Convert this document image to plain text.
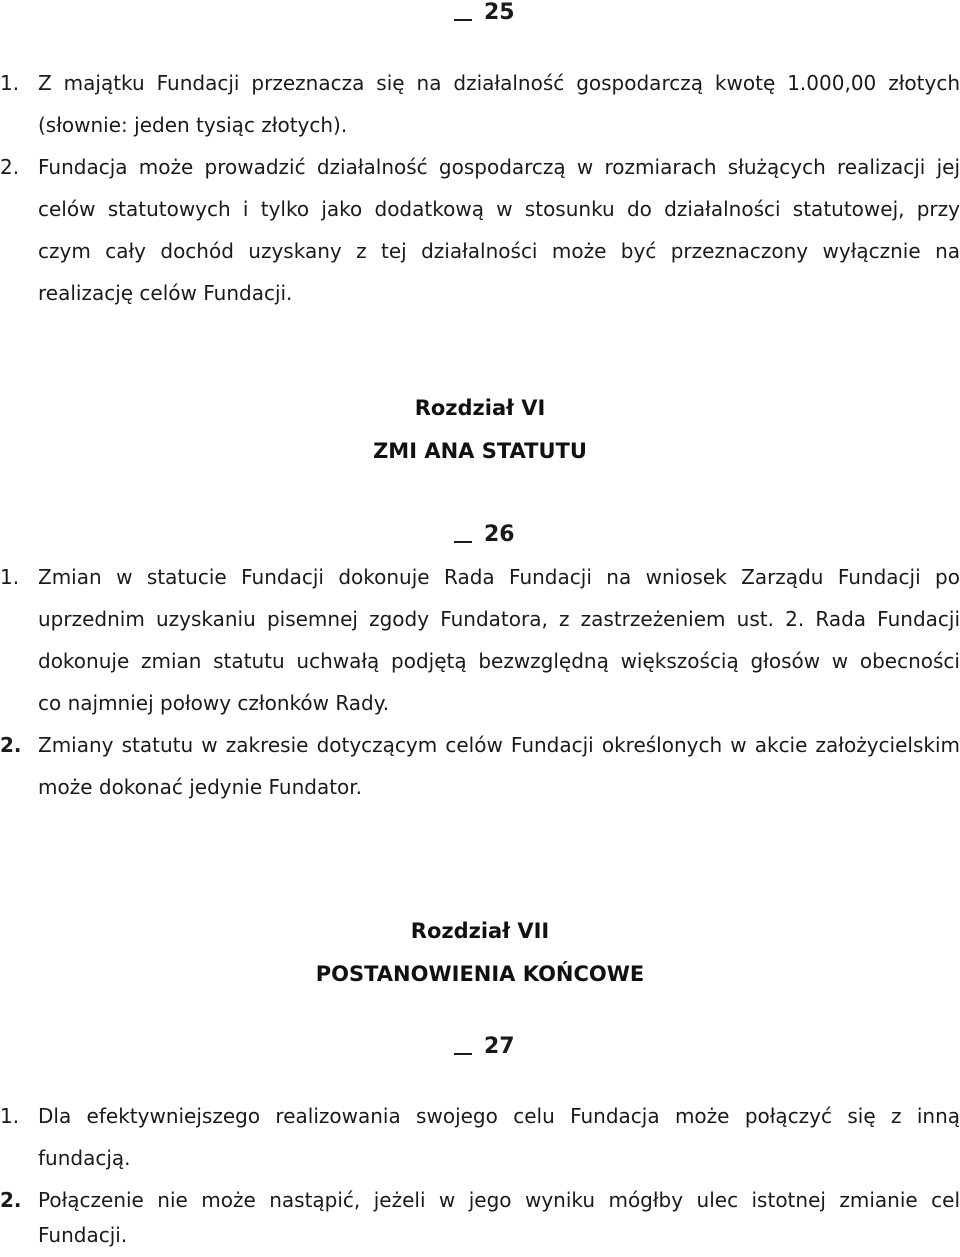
25
1. Z majątku Fundacji przeznacza się na działalność gospodarczą kwotę 1.000,00 złotych
(słownie: jeden tysiąc złotych).
2. Fundacja może prowadzić działalność gospodarczą w rozmiarach służących realizacji jej
celów statutowych i tylko jako dodatkową w stosunku do działalności statutowej, przy
czym cały dochód uzyskany z tej działalności może być przeznaczony wyłącznie na
realizację celów Fundacji.
Rozdział VI
ZMI ANA STATUTU
26
1. Zmian w statucie Fundacji dokonuje Rada Fundacji na wniosek Zarządu Fundacji po
uprzednim uzyskaniu pisemnej zgody Fundatora, z zastrzeżeniem ust. 2. Rada Fundacji
dokonuje zmian statutu uchwałą podjętą bezwzględną większością głosów w obecności
co najmniej połowy członków Rady.
2. Zmiany statutu w zakresie dotyczącym celów Fundacji określonych w akcie założycielskim
może dokonać jedynie Fundator.
Rozdział VII
POSTANOWIENIA KOŃCOWE
27
1. Dla efektywniejszego realizowania swojego celu Fundacja może połączyć się z inną
fundacją.
2. Połączenie nie może nastąpić, jeżeli w jego wyniku mógłby ulec istotnej zmianie cel
Fundacji.
